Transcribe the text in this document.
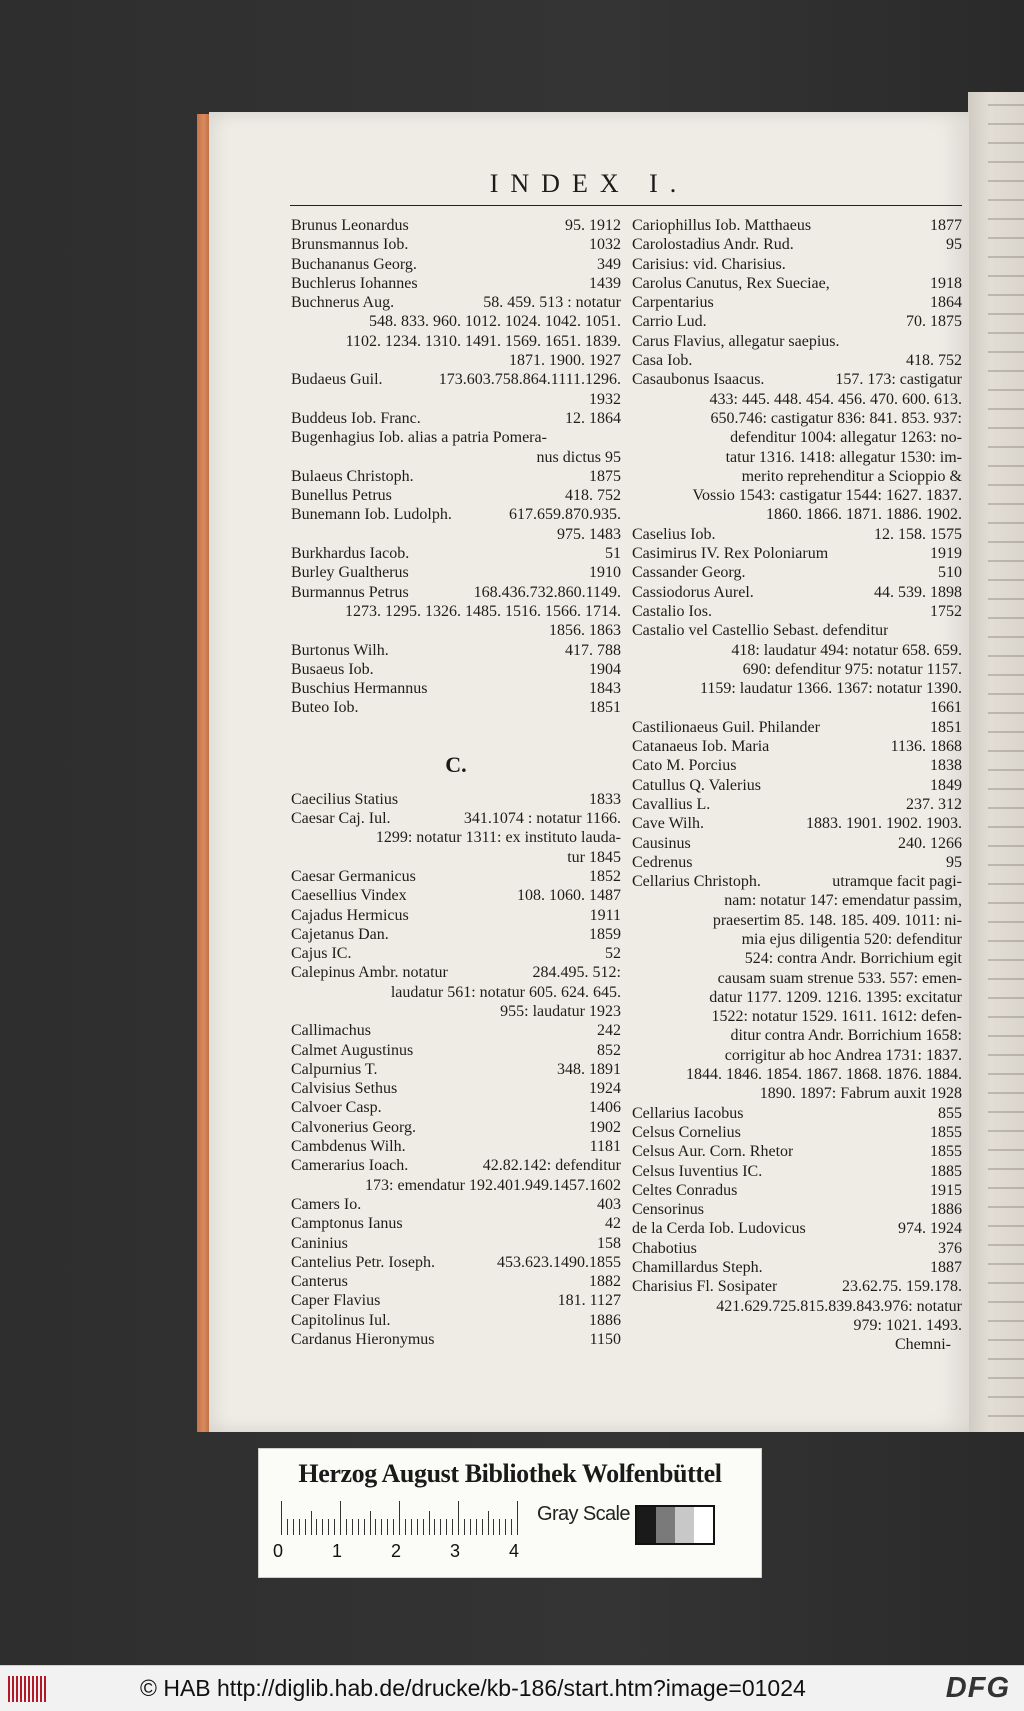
INDEX I.
Brunus Leonardus	95. 1912
Brunsmannus Iob.	1032
Buchananus Georg.	349
Buchlerus Iohannes	1439
Buchnerus Aug.	58. 459. 513 : notatur
548. 833. 960. 1012. 1024. 1042. 1051.
1102. 1234. 1310. 1491. 1569. 1651. 1839.
1871. 1900. 1927
Budaeus Guil.	173.603.758.864.1111.1296.
1932
Buddeus Iob. Franc.	12. 1864
Bugenhagius Iob. alias a patria Pomera-
nus dictus 95
Bulaeus Christoph.	1875
Bunellus Petrus	418. 752
Bunemann Iob. Ludolph.	617.659.870.935.
975. 1483
Burkhardus Iacob.	51
Burley Gualtherus	1910
Burmannus Petrus	168.436.732.860.1149.
1273. 1295. 1326. 1485. 1516. 1566. 1714.
1856. 1863
Burtonus Wilh.	417. 788
Busaeus Iob.	1904
Buschius Hermannus	1843
Buteo Iob.	1851
C.
Caecilius Statius	1833
Caesar Caj. Iul.	341.1074 : notatur 1166.
1299: notatur 1311: ex instituto lauda-
tur 1845
Caesar Germanicus	1852
Caesellius Vindex	108. 1060. 1487
Cajadus Hermicus	1911
Cajetanus Dan.	1859
Cajus IC.	52
Calepinus Ambr. notatur	284.495. 512:
laudatur 561: notatur 605. 624. 645.
955: laudatur 1923
Callimachus	242
Calmet Augustinus	852
Calpurnius T.	348. 1891
Calvisius Sethus	1924
Calvoer Casp.	1406
Calvonerius Georg.	1902
Cambdenus Wilh.	1181
Camerarius Ioach.	42.82.142: defenditur
173: emendatur 192.401.949.1457.1602
Camers Io.	403
Camptonus Ianus	42
Caninius	158
Cantelius Petr. Ioseph.	453.623.1490.1855
Canterus	1882
Caper Flavius	181. 1127
Capitolinus Iul.	1886
Cardanus Hieronymus	1150
Cariophillus Iob. Matthaeus	1877
Carolostadius Andr. Rud.	95
Carisius: vid. Charisius.
Carolus Canutus, Rex Sueciae,	1918
Carpentarius	1864
Carrio Lud.	70. 1875
Carus Flavius, allegatur saepius.
Casa Iob.	418. 752
Casaubonus Isaacus.	157. 173: castigatur
433: 445. 448. 454. 456. 470. 600. 613.
650.746: castigatur 836: 841. 853. 937:
defenditur 1004: allegatur 1263: no-
tatur 1316. 1418: allegatur 1530: im-
merito reprehenditur a Scioppio &
Vossio 1543: castigatur 1544: 1627. 1837.
1860. 1866. 1871. 1886. 1902.
Caselius Iob.	12. 158. 1575
Casimirus IV. Rex Poloniarum	1919
Cassander Georg.	510
Cassiodorus Aurel.	44. 539. 1898
Castalio Ios.	1752
Castalio vel Castellio Sebast. defenditur
418: laudatur 494: notatur 658. 659.
690: defenditur 975: notatur 1157.
1159: laudatur 1366. 1367: notatur 1390.
1661
Castilionaeus Guil. Philander	1851
Catanaeus Iob. Maria	1136. 1868
Cato M. Porcius	1838
Catullus Q. Valerius	1849
Cavallius L.	237. 312
Cave Wilh.	1883. 1901. 1902. 1903.
Causinus	240. 1266
Cedrenus	95
Cellarius Christoph.	utramque facit pagi-
nam: notatur 147: emendatur passim,
praesertim 85. 148. 185. 409. 1011: ni-
mia ejus diligentia 520: defenditur
524: contra Andr. Borrichium egit
causam suam strenue 533. 557: emen-
datur 1177. 1209. 1216. 1395: excitatur
1522: notatur 1529. 1611. 1612: defen-
ditur contra Andr. Borrichium 1658:
corrigitur ab hoc Andrea 1731: 1837.
1844. 1846. 1854. 1867. 1868. 1876. 1884.
1890. 1897: Fabrum auxit 1928
Cellarius Iacobus	855
Celsus Cornelius	1855
Celsus Aur. Corn. Rhetor	1855
Celsus Iuventius IC.	1885
Celtes Conradus	1915
Censorinus	1886
de la Cerda Iob. Ludovicus	974. 1924
Chabotius	376
Chamillardus Steph.	1887
Charisius Fl. Sosipater	23.62.75. 159.178.
421.629.725.815.839.843.976: notatur
979: 1021. 1493.
Chemni-
Herzog August Bibliothek Wolfenbüttel
0	1	2	3	4
Gray Scale
© HAB http://diglib.hab.de/drucke/kb-186/start.htm?image=01024	DFG
